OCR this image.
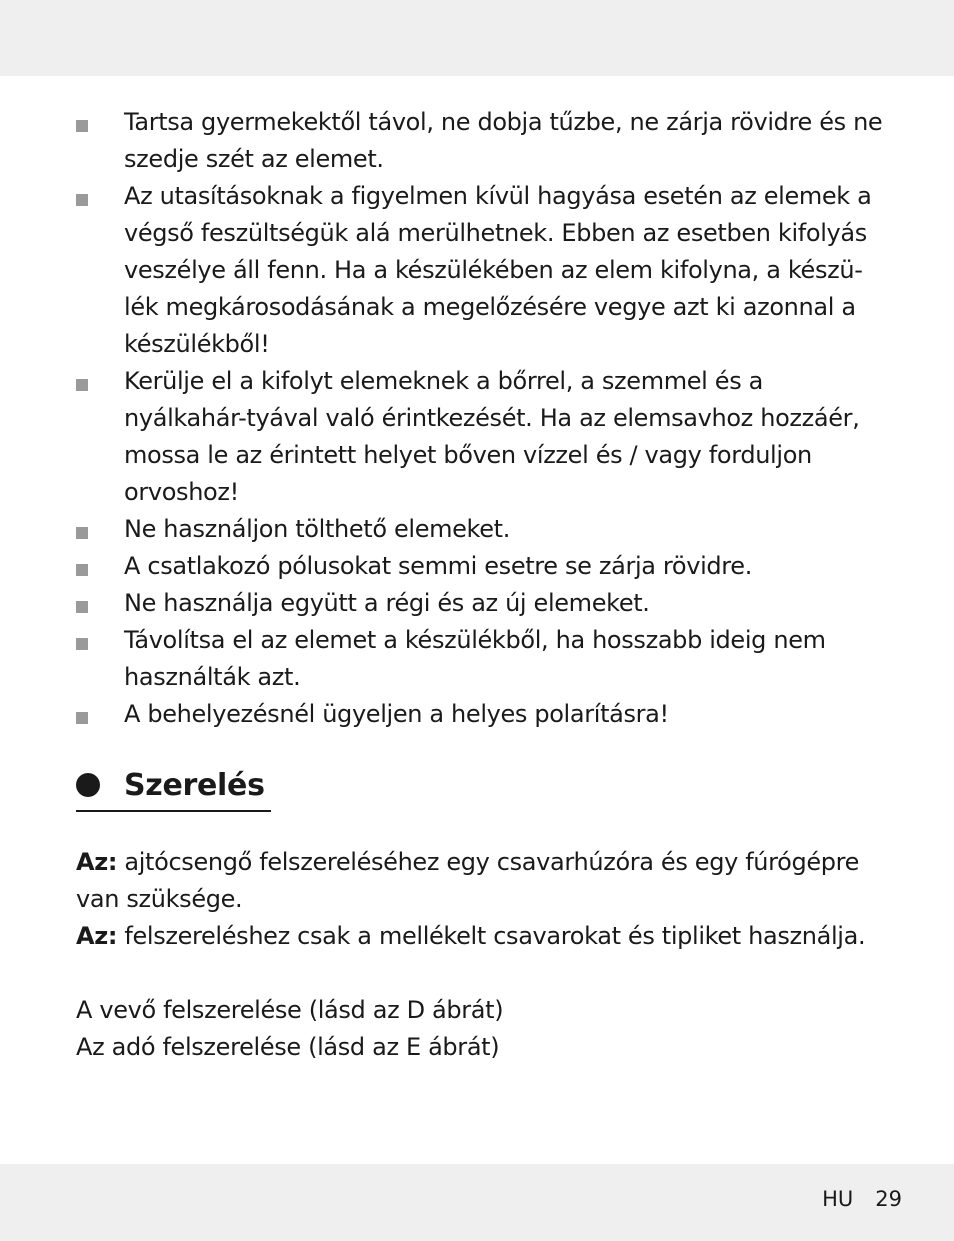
Tartsa gyermekektől távol, ne dobja tűzbe, ne zárja rövidre és ne szedje szét az elemet.
Az utasításoknak a figyelmen kívül hagyása esetén az elemek a végső feszültségük alá merülhetnek. Ebben az esetben kifolyás veszélye áll fenn. Ha a készülékében az elem kifolyna, a készü-lék megkárosodásának a megelőzésére vegye azt ki azonnal a készülékből!
Kerülje el a kifolyt elemeknek a bőrrel, a szemmel és a nyálkahár-tyával való érintkezését. Ha az elemsavhoz hozzáér, mossa le az érintett helyet bőven vízzel és / vagy forduljon orvoshoz!
Ne használjon tölthető elemeket.
A csatlakozó pólusokat semmi esetre se zárja rövidre.
Ne használja együtt a régi és az új elemeket.
Távolítsa el az elemet a készülékből, ha hosszabb ideig nem használták azt.
A behelyezésnél ügyeljen a helyes polarításra!
Szerelés
Az: ajtócsengő felszereléséhez egy csavarhúzóra és egy fúrógépre van szüksége.
Az: felszereléshez csak a mellékelt csavarokat és tipliket használja.
A vevő felszerelése (lásd az D ábrát)
Az adó felszerelése (lásd az E ábrát)
HU 29
